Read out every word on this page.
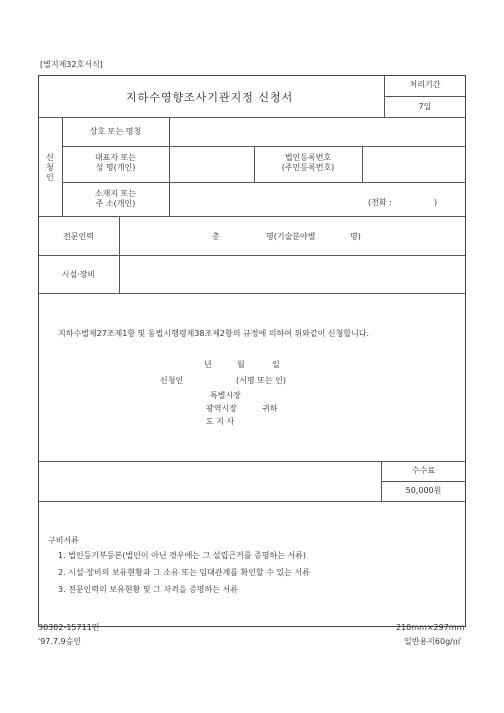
[별지제32호서식]
지하수영향조사기관지정 신청서
처리기간
7일
신
청
인
상호 또는 명칭
대표자 또는
성 명(개인)
법인등록번호
(주민등록번호)
소재지 또는
주 소(개인)	(전화 :	)
전문인력	총	명(기술분야별	명)
시설·장비
지하수법제27조제1항 및 동법시행령제38조제2항의 규정에 의하여 위와같이 신청합니다.
년	월	일
신청인	(서명 또는 인)
특별시장
광역시장	귀하
도 지 사
수수료
50,000원
구비서류
1. 법인등기부등본(법인이 아닌 경우에는 그 설립근거를 증명하는 서류)
2. 시설·장비의 보유현황과 그 소유 또는 임대관계를 확인할 수 있는 서류
3. 전문인력의 보유현황 및 그 자격을 증명하는 서류
30302-15711민
'97.7.9승인
210mm×297mm
일반용지60g/㎡
